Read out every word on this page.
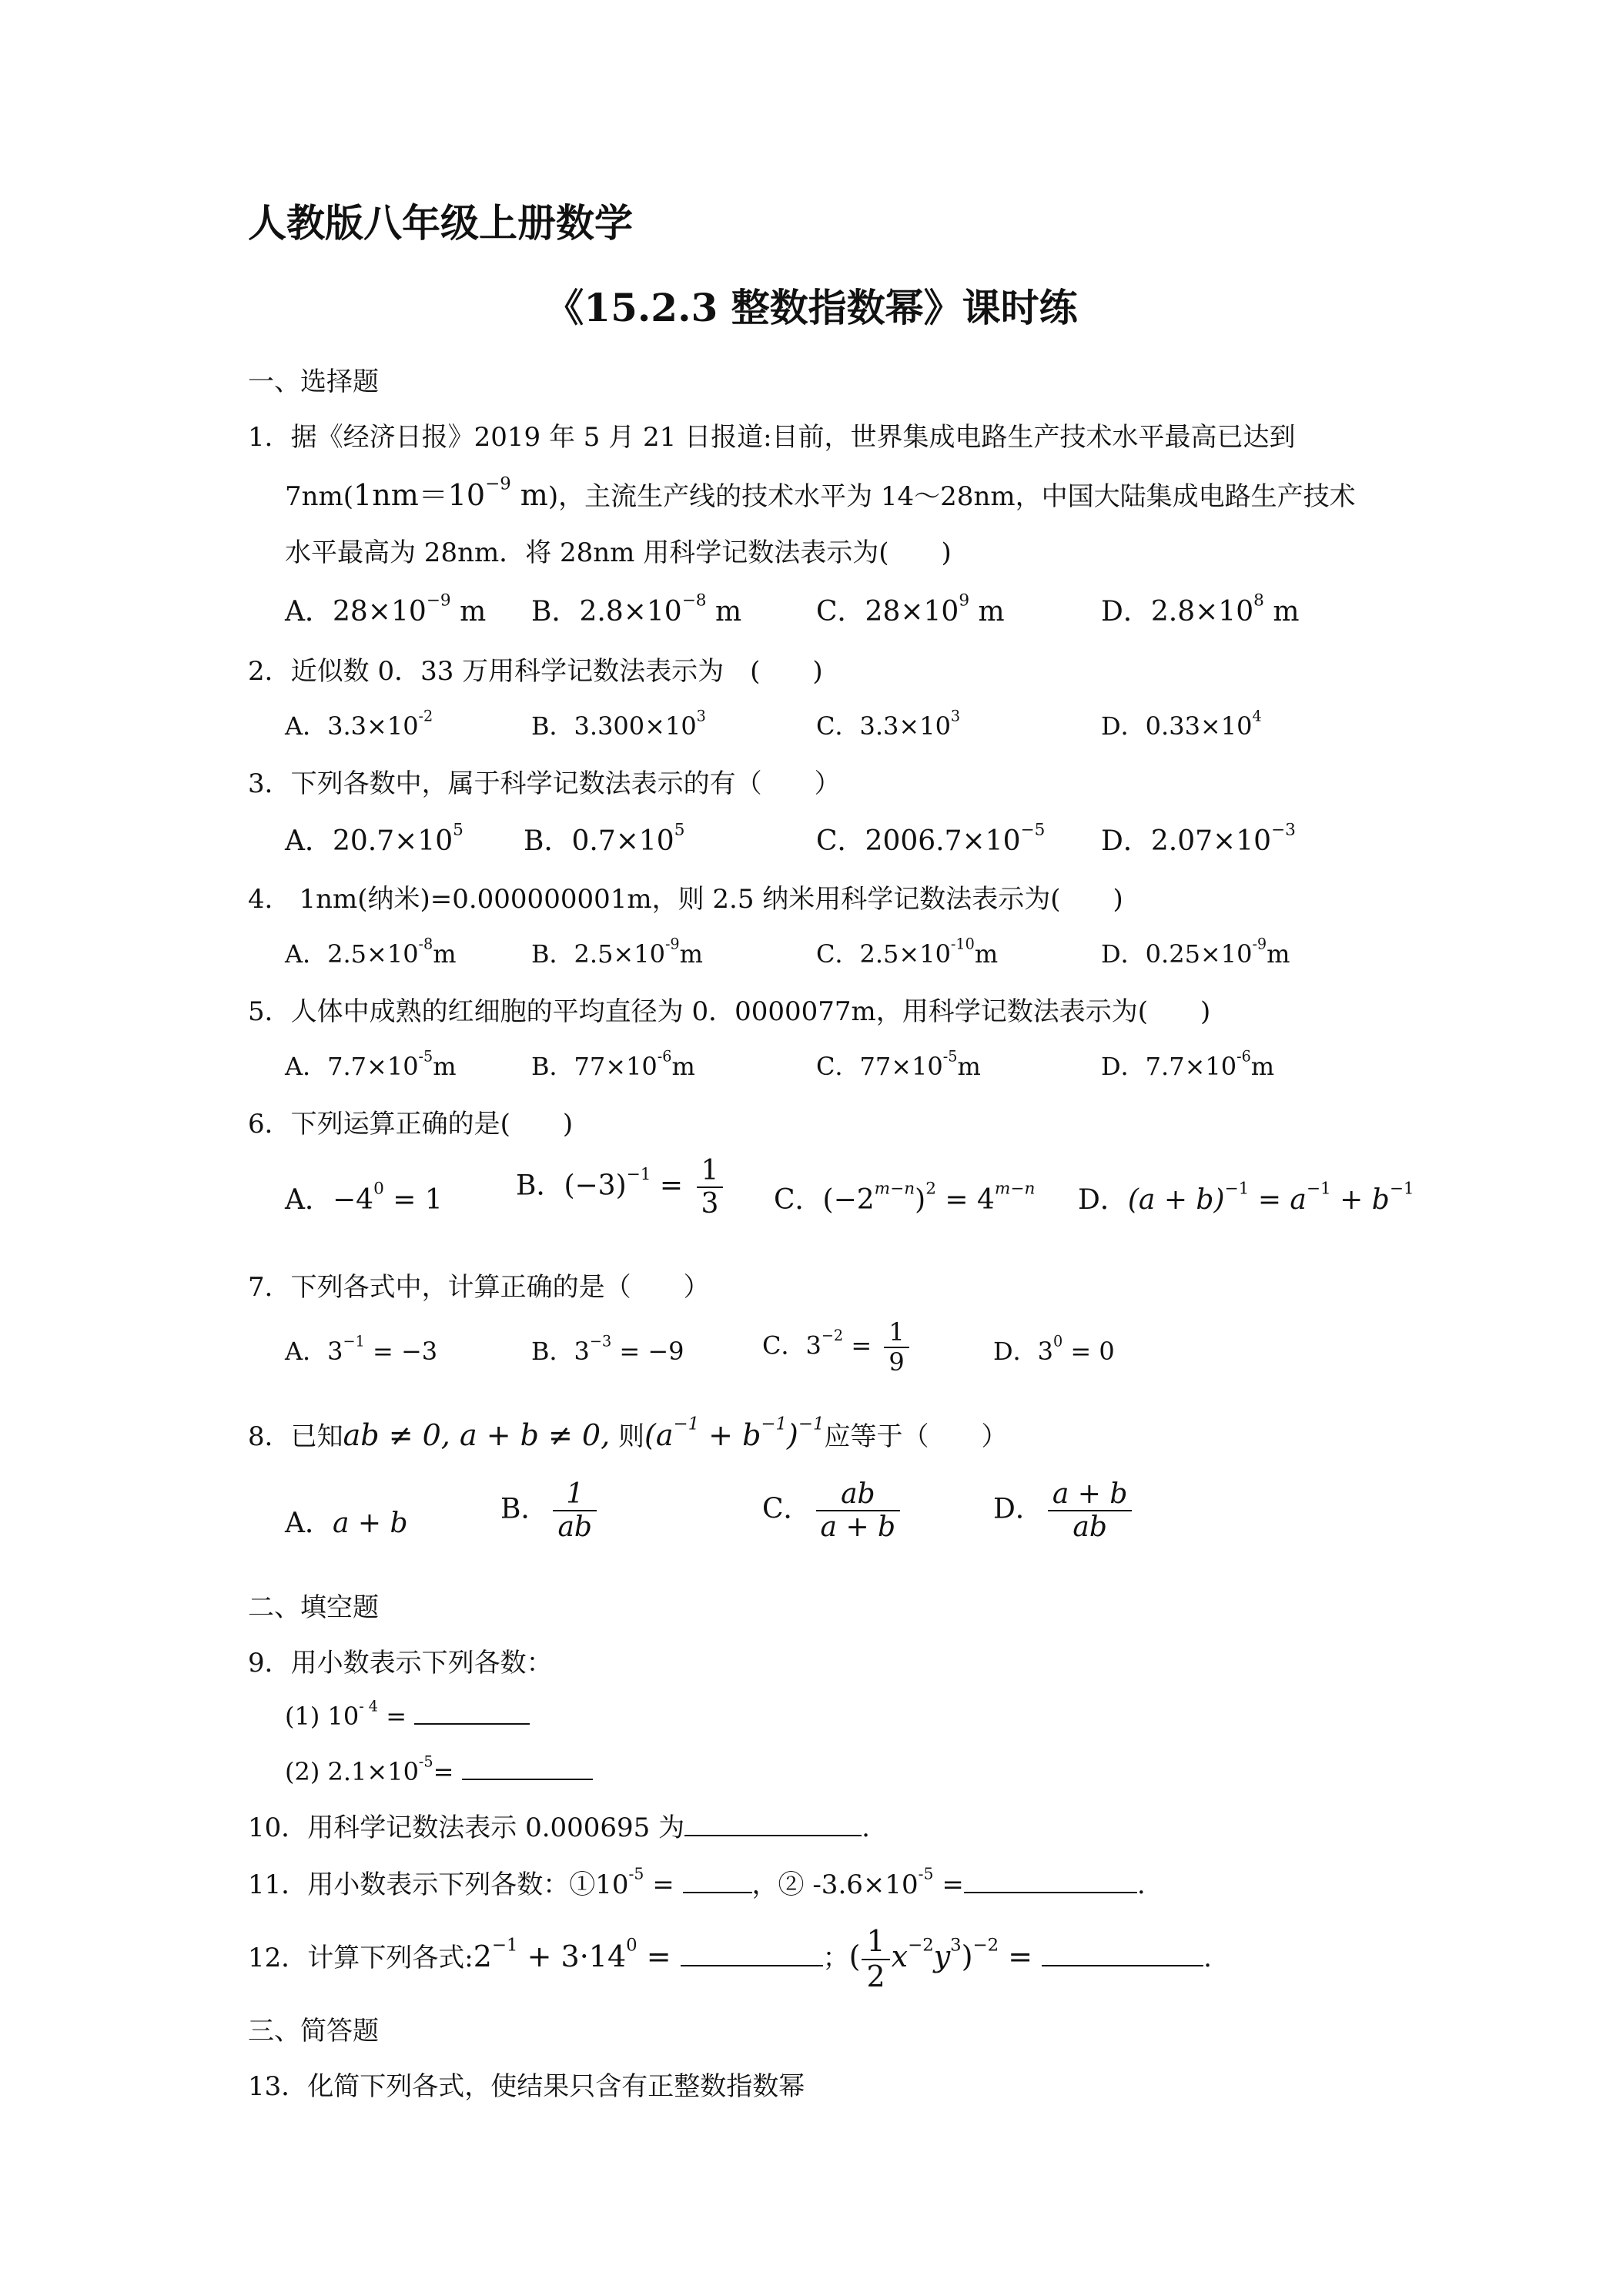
人教版八年级上册数学
《15.2.3 整数指数幂》课时练
一、选择题
1．据《经济日报》2019 年 5 月 21 日报道:目前，世界集成电路生产技术水平最高已达到
$7nm(1nm=10^{-9}$ m)，主流生产线的技术水平为 14～28nm，中国大陆集成电路生产技术
水平最高为 28nm．将 28nm 用科学记数法表示为(　　)
A．$28\times 10^{-9}$ m B．$2.8\times 10^{-8}$ m	C．$28\times 10^9$ m	D．$2.8\times 10^8$ m
2．近似数 0．33 万用科学记数法表示为　(　　)
A．$3.3\times 10^{-2}$	B．$3.300\times 10^3$	C．$3.3\times 10^3$	D．$0.33\times 10^4$
3．下列各数中，属于科学记数法表示的有（　　）
A．$20.7\times 10^5$ B．$0.7\times 10^5$	C．$2006.7\times 10^{-5}$ D．$2.07\times 10^{-3}$
4． 1nm(纳米)=0.000000001m，则 2.5 纳米用科学记数法表示为(　　)
A．$2.5\times 10^{-8}m$	B．$2.5\times 10^{-9}m$	C．$2.5\times 10^{-10}m$	D．$0.25\times 10^{-9}m$
5．人体中成熟的红细胞的平均直径为 0．0000077m，用科学记数法表示为(　　)
A．$7.7\times 10^{-5}m$	B．$77\times 10^{-6}m$	C．$77\times 10^{-5}m$	D．$7.7\times 10^{-6}m$
6．下列运算正确的是(　　)
A．$-4^0 = 1$	B．$(-3)^{-1} = \frac{1}{3}$ C．$(-2^{m-n})^2 = 4^{m-n}$ D．$(a + b)^{-1} = a^{-1} + b^{-1}$
7．下列各式中，计算正确的是（　　）
A．$3^{-1} = -3$	B．$3^{-3} = -9$	C．$3^{-2} = \frac{1}{9}$	D．$3^0 = 0$
8．已知ab ≠ 0, a + b ≠ 0, 则$(a^{-1} + b^{-1})^{-1}$应等于（　　）
A．a + b	B． $\frac{1}{ab}$	C． $\frac{ab}{a + b}$	D． $\frac{a + b}{ab}$
二、填空题
9．用小数表示下列各数：
(1) $10^{- 4}$ =
(2) $2.1\times 10^{-5}=$
10．用科学记数法表示 0.000695 为	.
11．用小数表示下列各数：$①10^{-5}$ =	，② $-3.6\times 10^{-5}$ =	.
12．计算下列各式$:2^{-1} + 3\cdot 14^0$ =	；( $\frac{1}{2} x^{-2}y^3)^{-2}$ =	.
三、简答题
13．化简下列各式，使结果只含有正整数指数幂
